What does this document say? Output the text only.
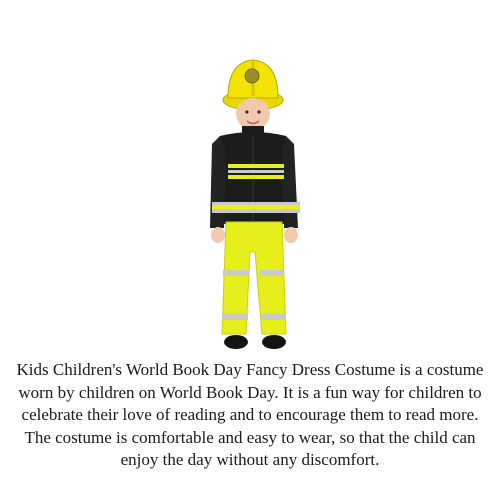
Kids Children's World Book Day Fancy Dress Costume is a costume worn by children on World Book Day. It is a fun way for children to celebrate their love of reading and to encourage them to read more. The costume is comfortable and easy to wear, so that the child can enjoy the day without any discomfort.
